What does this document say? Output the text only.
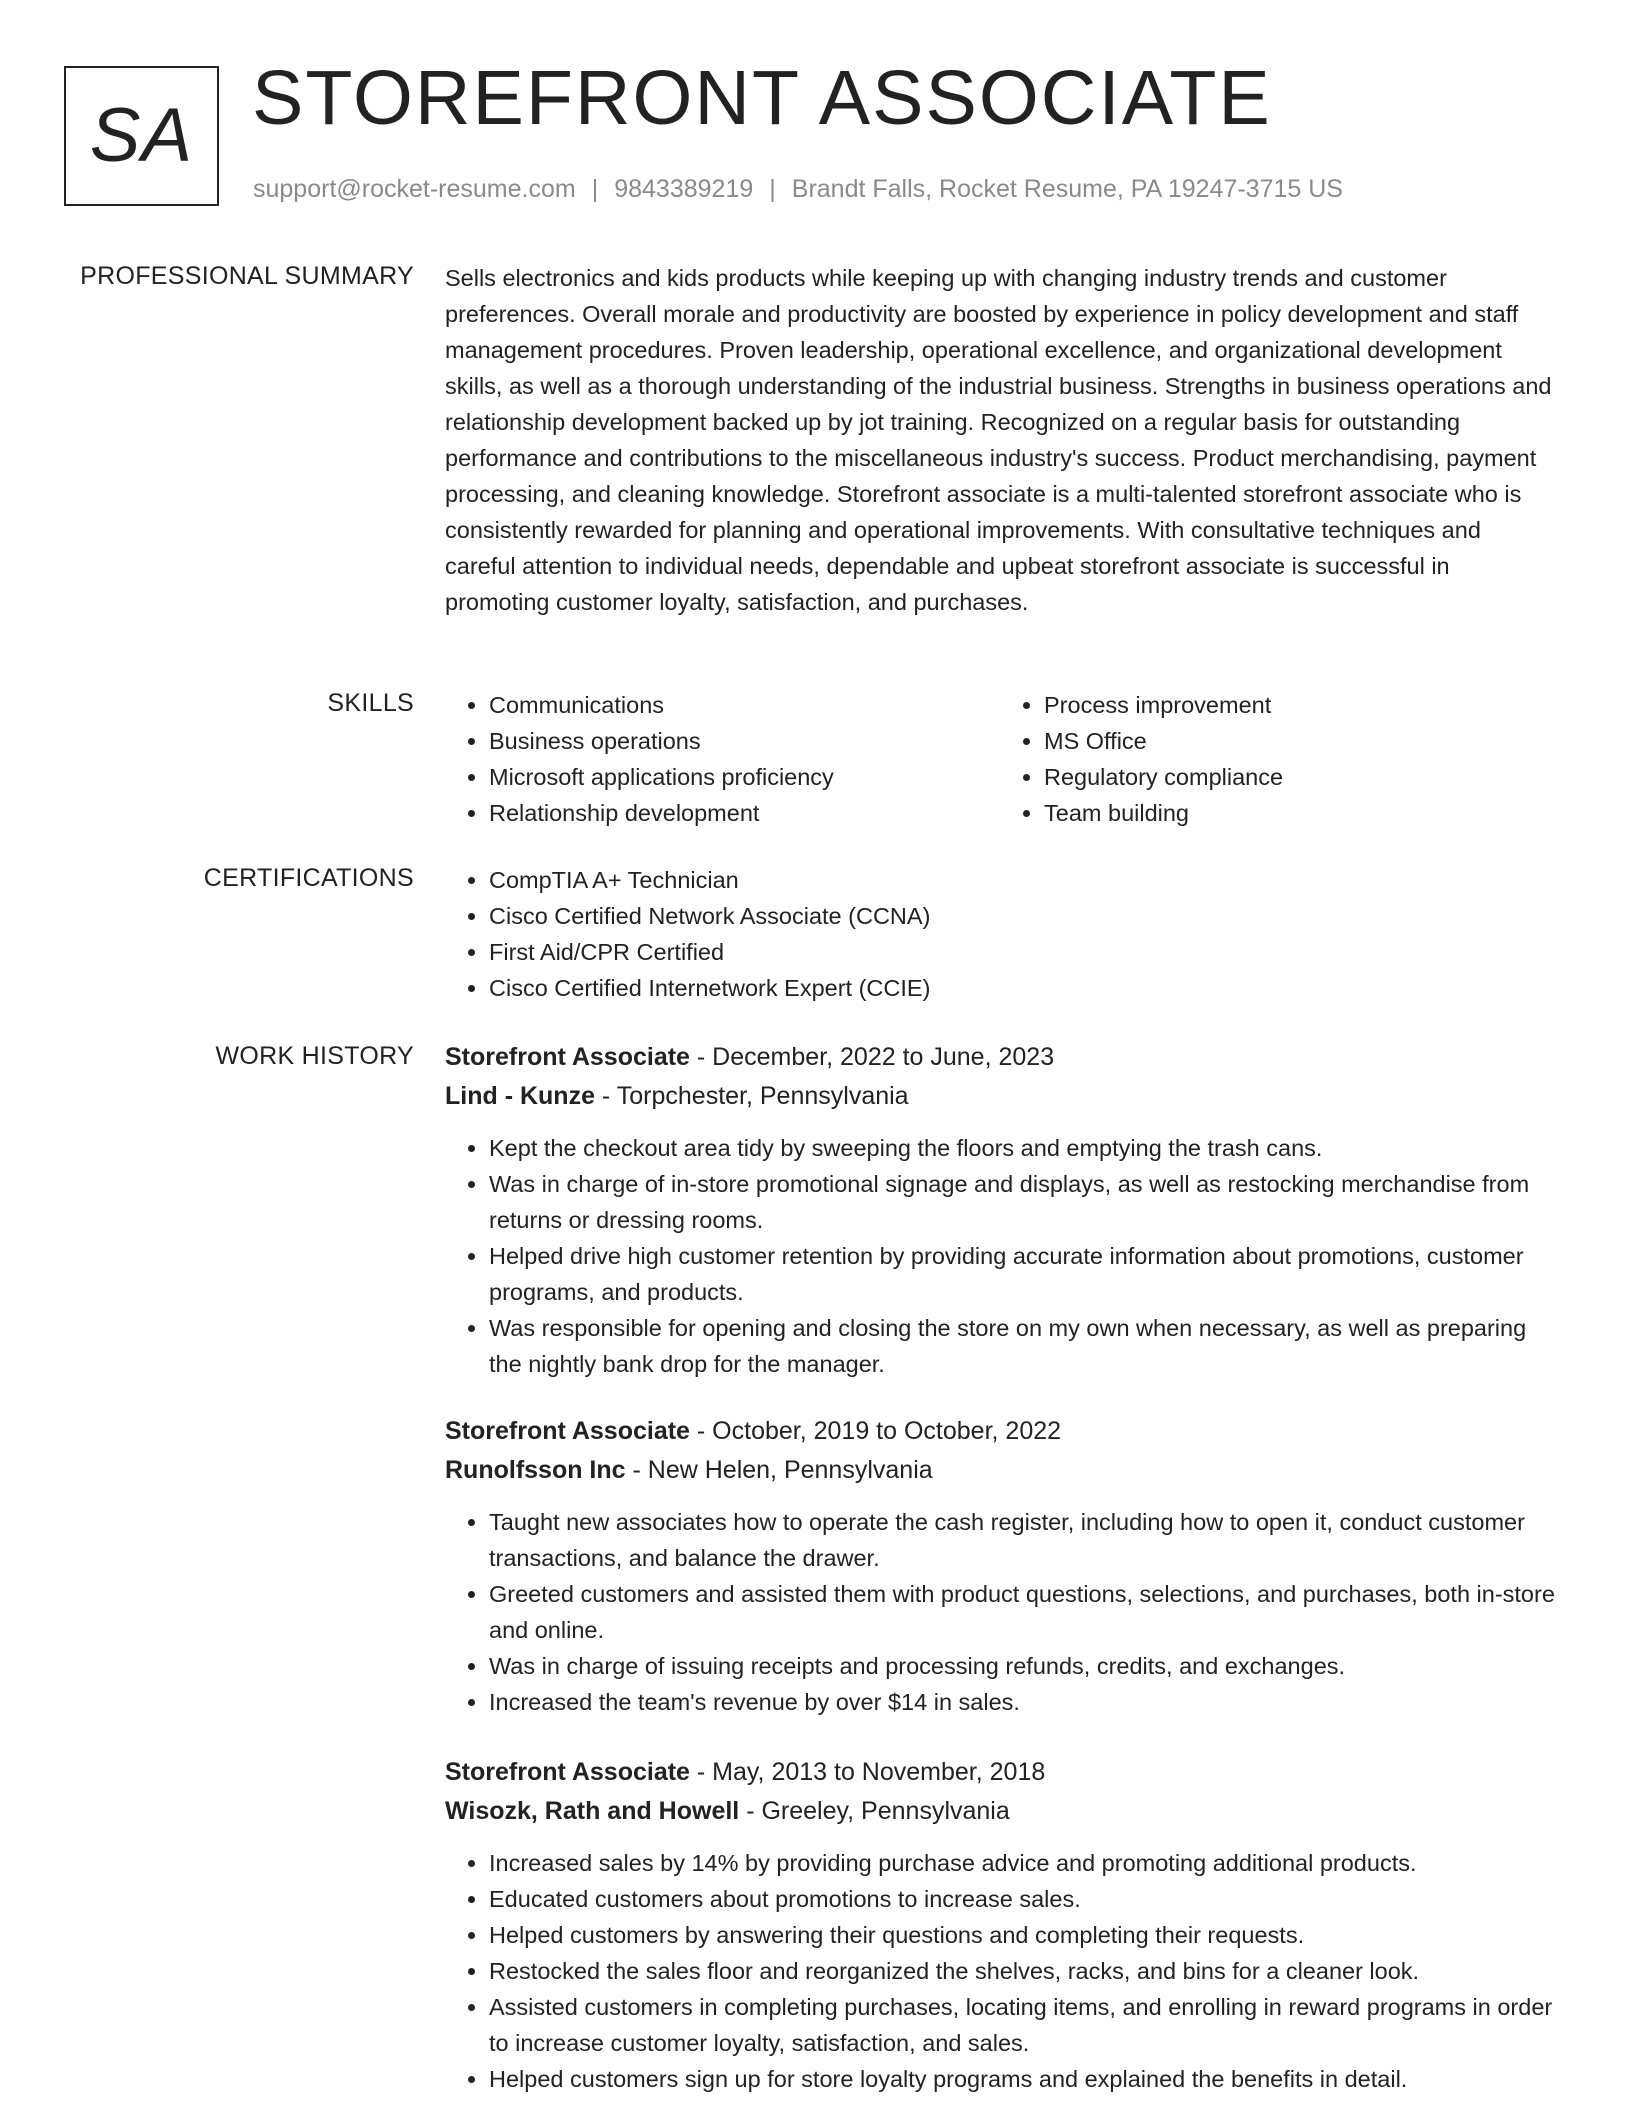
SA STOREFRONT ASSOCIATE
support@rocket-resume.com | 9843389219 | Brandt Falls, Rocket Resume, PA 19247-3715 US
PROFESSIONAL SUMMARY Sells electronics and kids products while keeping up with changing industry trends and customer preferences. Overall morale and productivity are boosted by experience in policy development and staff management procedures. Proven leadership, operational excellence, and organizational development skills, as well as a thorough understanding of the industrial business. Strengths in business operations and relationship development backed up by jot training. Recognized on a regular basis for outstanding performance and contributions to the miscellaneous industry's success. Product merchandising, payment processing, and cleaning knowledge. Storefront associate is a multi-talented storefront associate who is consistently rewarded for planning and operational improvements. With consultative techniques and careful attention to individual needs, dependable and upbeat storefront associate is successful in promoting customer loyalty, satisfaction, and purchases.

SKILLS	• Communications
• Business operations
• Microsoft applications proficiency
• Relationship development
• Process improvement
• MS Office
• Regulatory compliance
• Team building
CERTIFICATIONS	• CompTIA A+ Technician
• Cisco Certified Network Associate (CCNA)
• First Aid/CPR Certified
• Cisco Certified Internetwork Expert (CCIE)
WORK HISTORY Storefront Associate - December, 2022 to June, 2023
Lind - Kunze - Torpchester, Pennsylvania
• Kept the checkout area tidy by sweeping the floors and emptying the trash cans.
• Was in charge of in-store promotional signage and displays, as well as restocking merchandise from returns or dressing rooms.
• Helped drive high customer retention by providing accurate information about promotions, customer programs, and products.
• Was responsible for opening and closing the store on my own when necessary, as well as preparing the nightly bank drop for the manager.
Storefront Associate - October, 2019 to October, 2022
Runolfsson Inc - New Helen, Pennsylvania
• Taught new associates how to operate the cash register, including how to open it, conduct customer transactions, and balance the drawer.
• Greeted customers and assisted them with product questions, selections, and purchases, both in-store and online.
• Was in charge of issuing receipts and processing refunds, credits, and exchanges.
• Increased the team's revenue by over $14 in sales.
Storefront Associate - May, 2013 to November, 2018
Wisozk, Rath and Howell - Greeley, Pennsylvania
• Increased sales by 14% by providing purchase advice and promoting additional products.
• Educated customers about promotions to increase sales.
• Helped customers by answering their questions and completing their requests.
• Restocked the sales floor and reorganized the shelves, racks, and bins for a cleaner look.
• Assisted customers in completing purchases, locating items, and enrolling in reward programs in order to increase customer loyalty, satisfaction, and sales.
• Helped customers sign up for store loyalty programs and explained the benefits in detail.
